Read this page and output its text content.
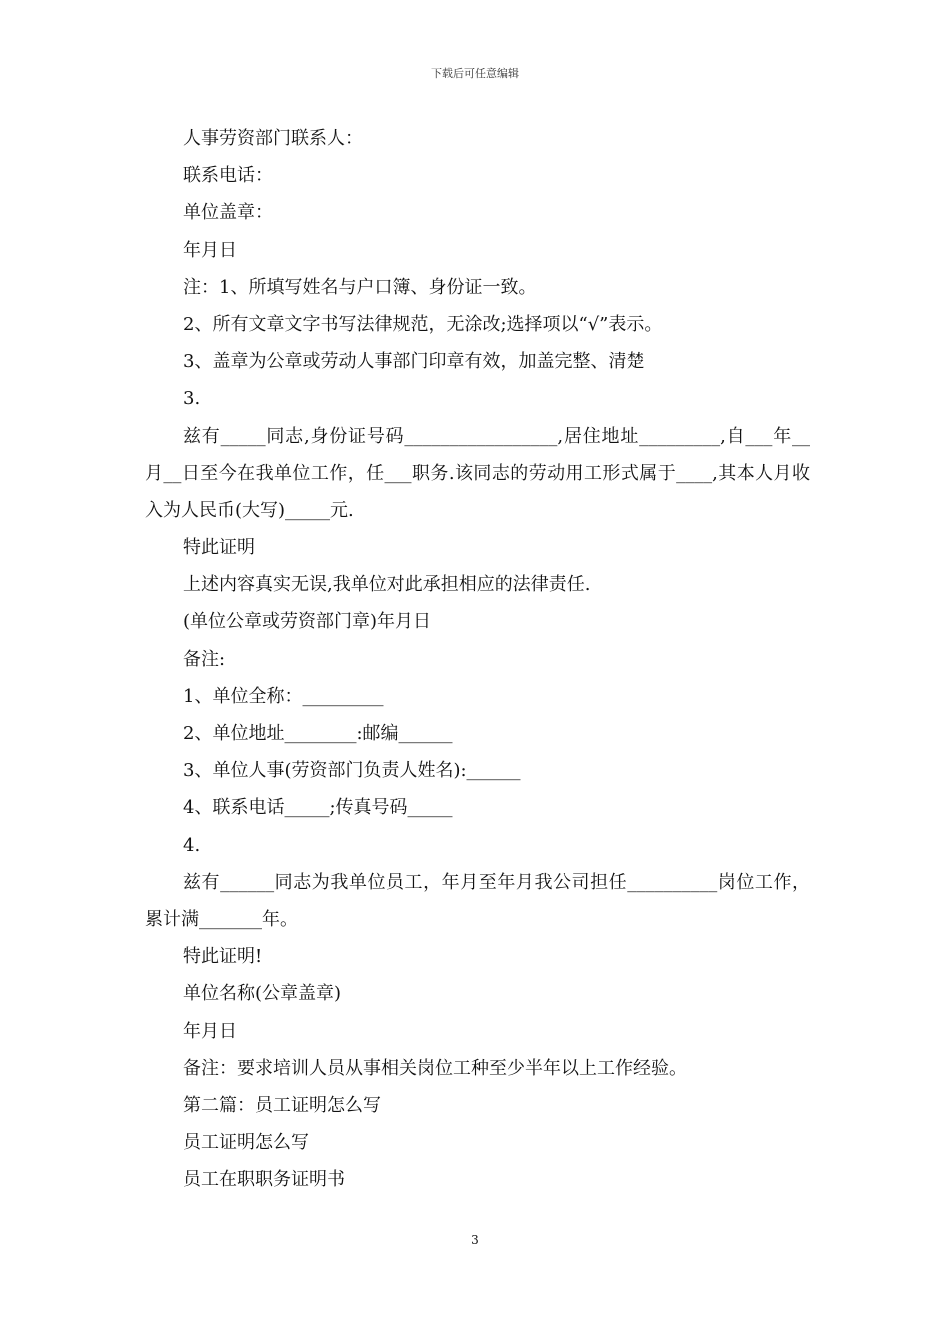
下载后可任意编辑
人事劳资部门联系人：
联系电话：
单位盖章：
年月日
注：1、所填写姓名与户口簿、身份证一致。
2、所有文章文字书写法律规范，无涂改;选择项以“√”表示。
3、盖章为公章或劳动人事部门印章有效，加盖完整、清楚
3.
兹有_____同志,身份证号码_________________,居住地址_________,自___年__月__日至今在我单位工作，任___职务.该同志的劳动用工形式属于____,其本人月收入为人民币(大写)_____元.
特此证明
上述内容真实无误,我单位对此承担相应的法律责任.
(单位公章或劳资部门章)年月日
备注:
1、单位全称：_________
2、单位地址________:邮编______
3、单位人事(劳资部门负责人姓名):______
4、联系电话_____;传真号码_____
4.
兹有______同志为我单位员工，年月至年月我公司担任__________岗位工作，累计满_______年。
特此证明!
单位名称(公章盖章)
年月日
备注：要求培训人员从事相关岗位工种至少半年以上工作经验。
第二篇：员工证明怎么写
员工证明怎么写
员工在职职务证明书
3
